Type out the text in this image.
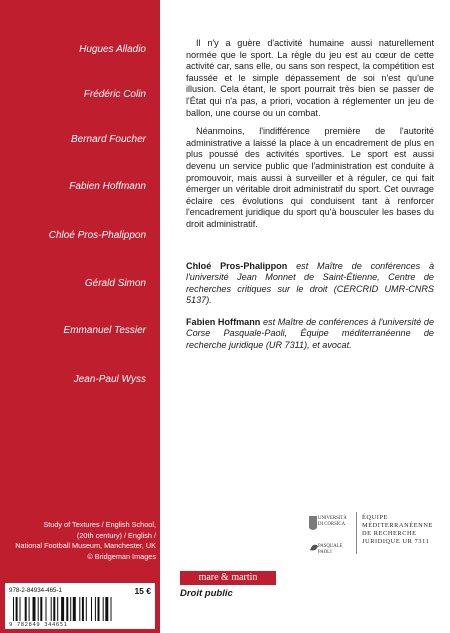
Hugues Alladio
Frédéric Colin
Bernard Foucher
Fabien Hoffmann
Chloé Pros-Phalippon
Gérald Simon
Emmanuel Tessier
Jean-Paul Wyss
Study of Textures / English School,
(20th century) / English /
National Football Museum, Manchester, UK
© Bridgeman Images
978-2-84934-465-1	15 €
9 782849 344651

Il n'y a guère d'activité humaine aussi naturellement normée que le sport. La règle du jeu est au cœur de cette activité car, sans elle, ou sans son respect, la compétition est faussée et le simple dépassement de soi n'est qu'une illusion. Cela étant, le sport pourrait très bien se passer de l'État qui n'a pas, a priori, vocation à réglementer un jeu de ballon, une course ou un combat.

Néanmoins, l'indifférence première de l'autorité administrative a laissé la place à un encadrement de plus en plus poussé des activités sportives. Le sport est aussi devenu un service public que l'administration est conduite à promouvoir, mais aussi à surveiller et à réguler, ce qui fait émerger un véritable droit administratif du sport. Cet ouvrage éclaire ces évolutions qui conduisent tant à renforcer l'encadrement juridique du sport qu'à bousculer les bases du droit administratif.

Chloé Pros-Phalippon est Maître de conférences à l'université Jean Monnet de Saint-Étienne, Centre de recherches critiques sur le droit (CERCRID UMR-CNRS 5137).

Fabien Hoffmann est Maître de conférences à l'université de Corse Pasquale-Paoli, Équipe méditerranéenne de recherche juridique (UR 7311), et avocat.

UNIVERSITÀ
DI CORSICA
PASQUALE
PAOLI
ÉQUIPE
MÉDITERRANÉENNE
DE RECHERCHE
JURIDIQUE UR 7311
mare & martin
Droit public
